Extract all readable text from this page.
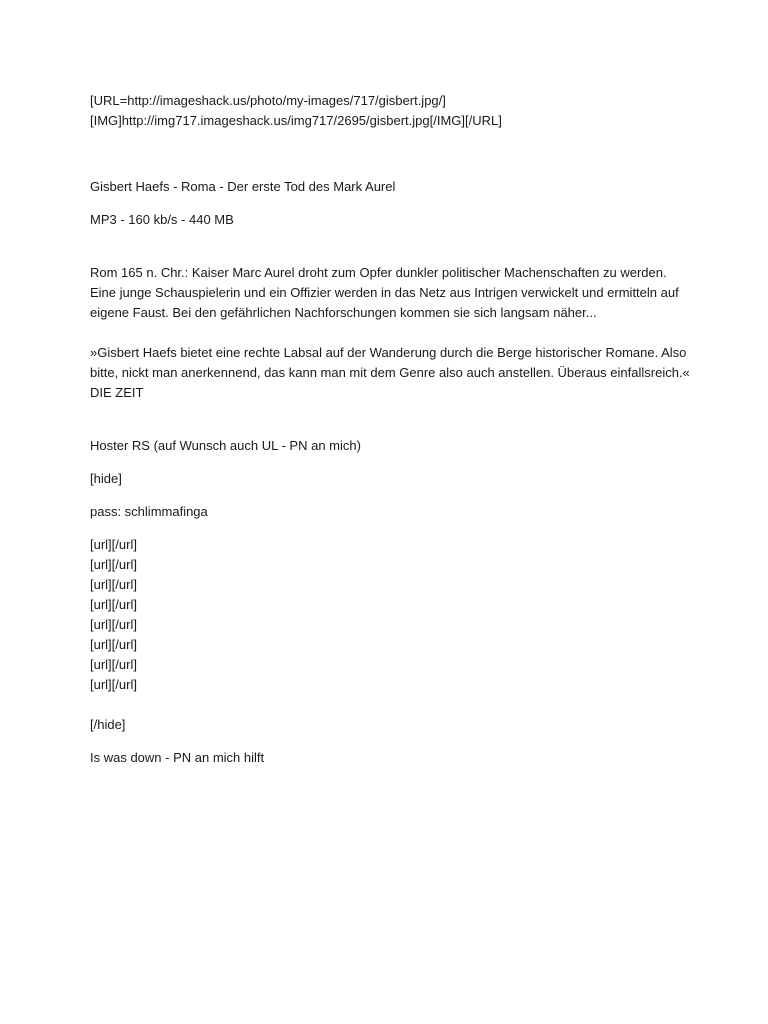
[URL=http://imageshack.us/photo/my-images/717/gisbert.jpg/][IMG]http://img717.imageshack.us/img717/2695/gisbert.jpg[/IMG][/URL]

Gisbert Haefs - Roma - Der erste Tod des Mark Aurel

MP3 - 160 kb/s - 440 MB

Rom 165 n. Chr.: Kaiser Marc Aurel droht zum Opfer dunkler politischer Machenschaften zu werden. Eine junge Schauspielerin und ein Offizier werden in das Netz aus Intrigen verwickelt und ermitteln auf eigene Faust. Bei den gefährlichen Nachforschungen kommen sie sich langsam näher...

»Gisbert Haefs bietet eine rechte Labsal auf der Wanderung durch die Berge historischer Romane. Also bitte, nickt man anerkennend, das kann man mit dem Genre also auch anstellen. Überaus einfallsreich.«

DIE ZEIT

Hoster RS (auf Wunsch auch UL - PN an mich)

[hide]

pass: schlimmafinga

[url][/url]
[url][/url]
[url][/url]
[url][/url]
[url][/url]
[url][/url]
[url][/url]
[url][/url]

[/hide]

Is was down - PN an mich hilft
